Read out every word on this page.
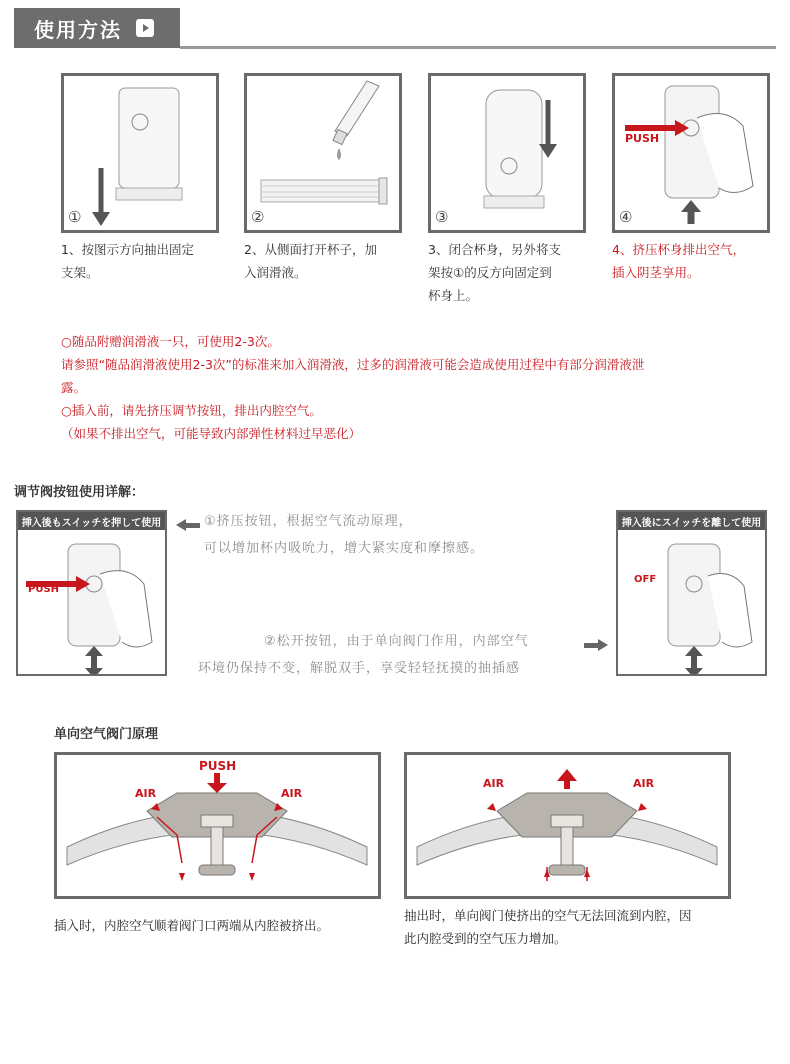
使用方法
①	②	③
PUSH
④
1、按图示方向抽出固定
支架。
2、从侧面打开杯子，加
入润滑液。
3、闭合杯身，另外将支
架按①的反方向固定到
杯身上。
4、挤压杯身排出空气，
插入阴茎享用。

○随品附赠润滑液一只，可使用2-3次。

请参照“随品润滑液使用2-3次”的标准来加入润滑液，过多的润滑液可能会造成使用过程中有部分润滑液泄

露。

○插入前，请先挤压调节按钮，排出内腔空气。

（如果不排出空气，可能导致内部弹性材料过早恶化）

调节阀按钮使用详解：
挿入後もスイッチを押して使用
PUSH
①挤压按钮，根据空气流动原理，
可以增加杯内吸吮力，增大紧实度和摩擦感。
②松开按钮，由于单向阀门作用，内部空气
环境仍保持不变，解脱双手，享受轻轻抚摸的抽插感
挿入後にスイッチを離して使用
OFF
单向空气阀门原理
PUSH
AIR	AIR
AIR	AIR
插入时，内腔空气顺着阀门口两端从内腔被挤出。
抽出时，单向阀门使挤出的空气无法回流到内腔，因
此内腔受到的空气压力增加。
